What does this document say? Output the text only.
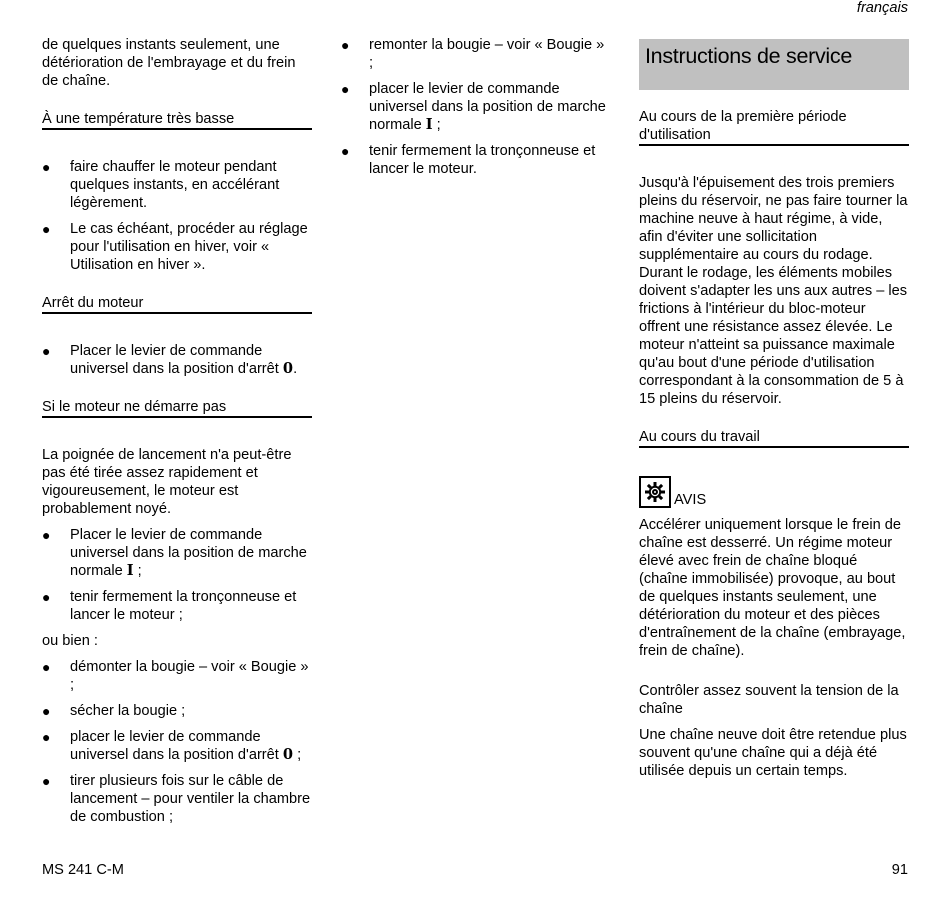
français

de quelques instants seulement, une détérioration de l'embrayage et du frein de chaîne.

À une température très basse
● faire chauffer le moteur pendant quelques instants, en accélérant légèrement.
● Le cas échéant, procéder au réglage pour l'utilisation en hiver, voir « Utilisation en hiver ».
Arrêt du moteur
● Placer le levier de commande universel dans la position d'arrêt 0.
Si le moteur ne démarre pas

La poignée de lancement n'a peut-être pas été tirée assez rapidement et vigoureusement, le moteur est probablement noyé.

● Placer le levier de commande universel dans la position de marche normale I ;
● tenir fermement la tronçonneuse et lancer le moteur ;

ou bien :

● démonter la bougie – voir « Bougie » ;
● sécher la bougie ;
● placer le levier de commande universel dans la position d'arrêt 0 ;
● tirer plusieurs fois sur le câble de lancement – pour ventiler la chambre de combustion ;
● remonter la bougie – voir « Bougie » ;
● placer le levier de commande universel dans la position de marche normale I ;
● tenir fermement la tronçonneuse et lancer le moteur.
Instructions de service
Au cours de la première période d'utilisation

Jusqu'à l'épuisement des trois premiers pleins du réservoir, ne pas faire tourner la machine neuve à haut régime, à vide, afin d'éviter une sollicitation supplémentaire au cours du rodage. Durant le rodage, les éléments mobiles doivent s'adapter les uns aux autres – les frictions à l'intérieur du bloc-moteur offrent une résistance assez élevée. Le moteur n'atteint sa puissance maximale qu'au bout d'une période d'utilisation correspondant à la consommation de 5 à 15 pleins du réservoir.

Au cours du travail
AVIS

Accélérer uniquement lorsque le frein de chaîne est desserré. Un régime moteur élevé avec frein de chaîne bloqué (chaîne immobilisée) provoque, au bout de quelques instants seulement, une détérioration du moteur et des pièces d'entraînement de la chaîne (embrayage, frein de chaîne).

Contrôler assez souvent la tension de la chaîne

Une chaîne neuve doit être retendue plus souvent qu'une chaîne qui a déjà été utilisée depuis un certain temps.

MS 241 C-M	91
